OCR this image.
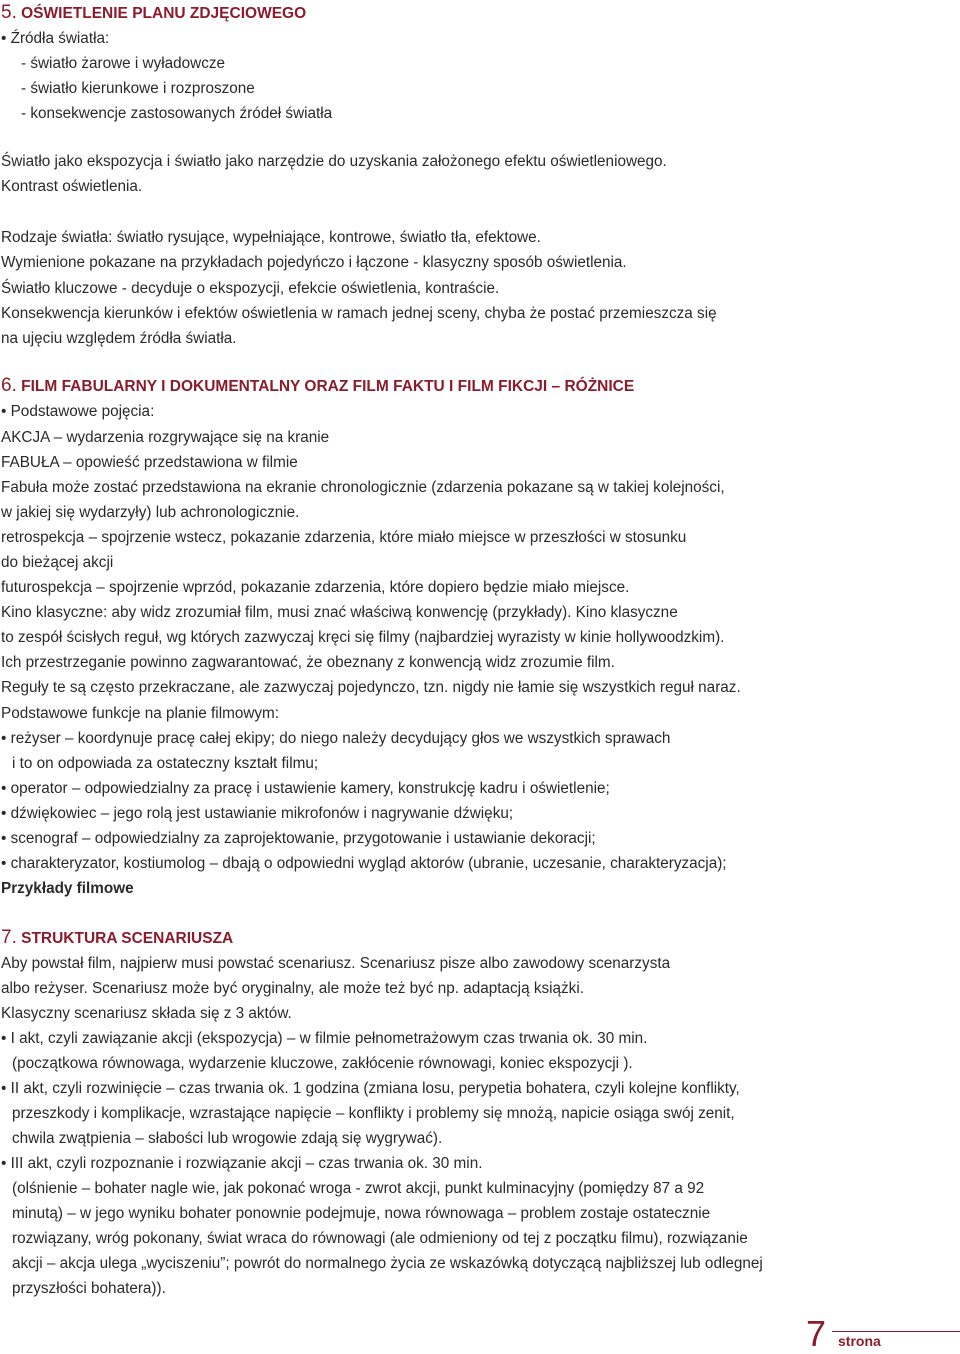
5. OŚWIETLENIE PLANU ZDJĘCIOWEGO
• Źródła światła:
- światło żarowe i wyładowcze
- światło kierunkowe i rozproszone
- konsekwencje zastosowanych źródeł światła
Światło jako ekspozycja i światło jako narzędzie do uzyskania założonego efektu oświetleniowego.
Kontrast oświetlenia.
Rodzaje światła: światło rysujące, wypełniające, kontrowe, światło tła, efektowe.
Wymienione pokazane na przykładach pojedyńczo i łączone - klasyczny sposób oświetlenia.
Światło kluczowe - decyduje o ekspozycji, efekcie oświetlenia, kontraście.
Konsekwencja kierunków i efektów oświetlenia w ramach jednej sceny, chyba że postać przemieszcza się
na ujęciu względem źródła światła.
6. FILM FABULARNY I DOKUMENTALNY ORAZ FILM FAKTU I FILM FIKCJI – RÓŻNICE
• Podstawowe pojęcia:
AKCJA – wydarzenia rozgrywające się na kranie
FABUŁA – opowieść przedstawiona w filmie
Fabuła może zostać przedstawiona na ekranie chronologicznie (zdarzenia pokazane są w takiej kolejności,
w jakiej się wydarzyły) lub achronologicznie.
retrospekcja – spojrzenie wstecz, pokazanie zdarzenia, które miało miejsce w przeszłości w stosunku
do bieżącej akcji
futurospekcja – spojrzenie wprzód, pokazanie zdarzenia, które dopiero będzie miało miejsce.
Kino klasyczne: aby widz zrozumiał film, musi znać właściwą konwencję (przykłady). Kino klasyczne
to zespół ścisłych reguł, wg których zazwyczaj kręci się filmy (najbardziej wyrazisty w kinie hollywoodzkim).
Ich przestrzeganie powinno zagwarantować, że obeznany z konwencją widz zrozumie film.
Reguły te są często przekraczane, ale zazwyczaj pojedynczo, tzn. nigdy nie łamie się wszystkich reguł naraz.
Podstawowe funkcje na planie filmowym:
• reżyser – koordynuje pracę całej ekipy; do niego należy decydujący głos we wszystkich sprawach
i to on odpowiada za ostateczny kształt filmu;
• operator – odpowiedzialny za pracę i ustawienie kamery, konstrukcję kadru i oświetlenie;
• dźwiękowiec – jego rolą jest ustawianie mikrofonów i nagrywanie dźwięku;
• scenograf – odpowiedzialny za zaprojektowanie, przygotowanie i ustawianie dekoracji;
• charakteryzator, kostiumolog – dbają o odpowiedni wygląd aktorów (ubranie, uczesanie, charakteryzacja);
Przykłady filmowe
7. STRUKTURA SCENARIUSZA
Aby powstał film, najpierw musi powstać scenariusz. Scenariusz pisze albo zawodowy scenarzysta
albo reżyser. Scenariusz może być oryginalny, ale może też być np. adaptacją książki.
Klasyczny scenariusz składa się z 3 aktów.
• I akt, czyli zawiązanie akcji (ekspozycja) – w filmie pełnometrażowym czas trwania ok. 30 min.
(początkowa równowaga, wydarzenie kluczowe, zakłócenie równowagi, koniec ekspozycji ).
• II akt, czyli rozwinięcie – czas trwania ok. 1 godzina (zmiana losu, perypetia bohatera, czyli kolejne konflikty,
przeszkody i komplikacje, wzrastające napięcie – konflikty i problemy się mnożą, napicie osiąga swój zenit,
chwila zwątpienia – słabości lub wrogowie zdają się wygrywać).
• III akt, czyli rozpoznanie i rozwiązanie akcji – czas trwania ok. 30 min.
(olśnienie – bohater nagle wie, jak pokonać wroga - zwrot akcji, punkt kulminacyjny (pomiędzy 87 a 92
minutą) – w jego wyniku bohater ponownie podejmuje, nowa równowaga – problem zostaje ostatecznie
rozwiązany, wróg pokonany, świat wraca do równowagi (ale odmieniony od tej z początku filmu), rozwiązanie
akcji – akcja ulega „wyciszeniu”; powrót do normalnego życia ze wskazówką dotyczącą najbliższej lub odlegnej
przyszłości bohatera)).
7 strona
